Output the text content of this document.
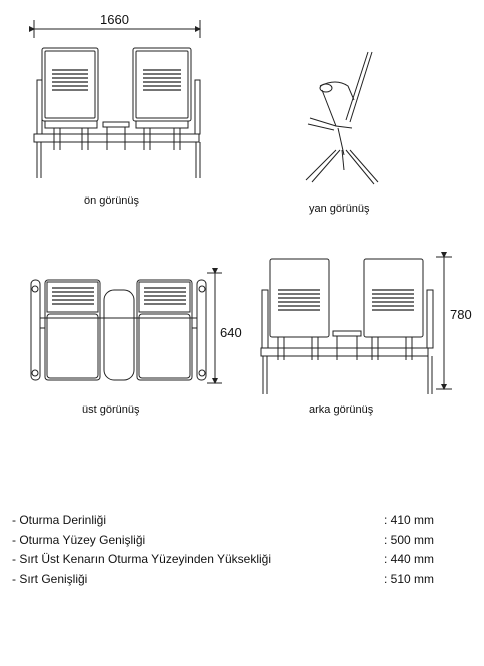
1660
640
780
ön görünüş
yan görünüş
üst görünüş	arka görünüş
- Oturma Derinliği	: 410 mm
- Oturma Yüzey Genişliği	: 500 mm
- Sırt Üst Kenarın Oturma Yüzeyinden Yüksekliği	: 440 mm
- Sırt Genişliği	: 510 mm
